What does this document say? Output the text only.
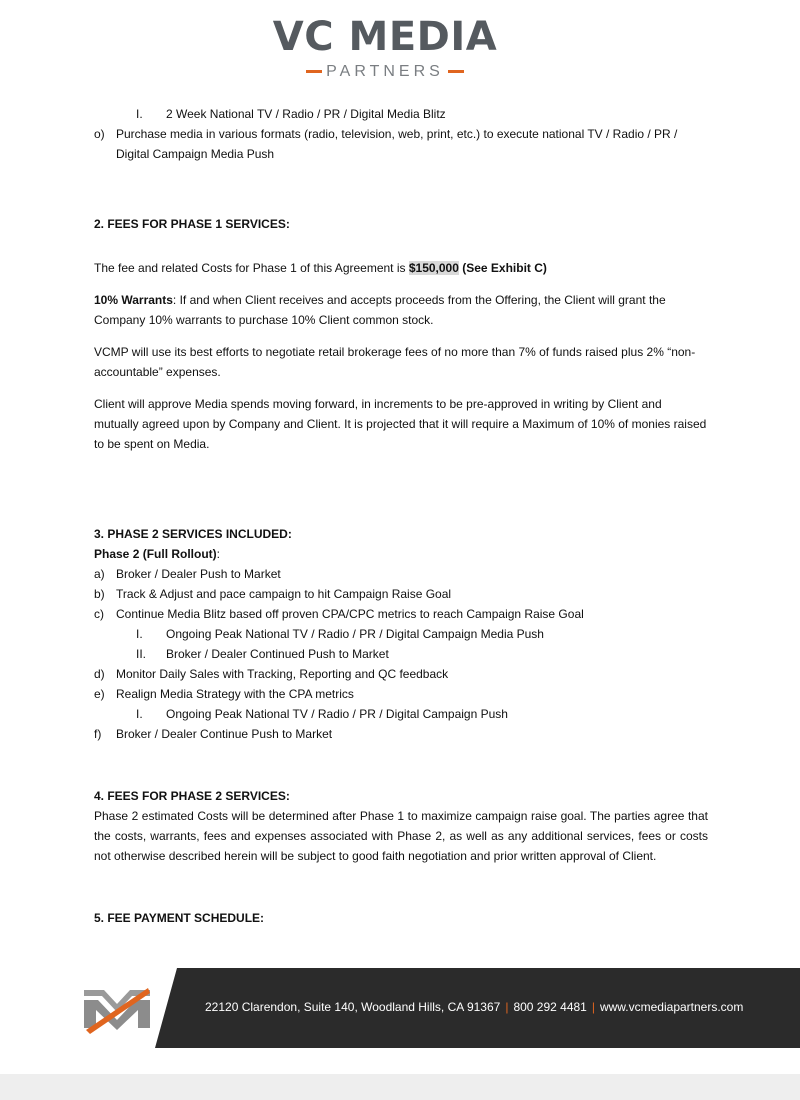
VC MEDIA
PARTNERS
I. 2 Week National TV / Radio / PR / Digital Media Blitz
o) Purchase media in various formats (radio, television, web, print, etc.) to execute national TV / Radio / PR / Digital Campaign Media Push

2. FEES FOR PHASE 1 SERVICES:

The fee and related Costs for Phase 1 of this Agreement is $150,000 (See Exhibit C)

10% Warrants: If and when Client receives and accepts proceeds from the Offering, the Client will grant the Company 10% warrants to purchase 10% Client common stock.

VCMP will use its best efforts to negotiate retail brokerage fees of no more than 7% of funds raised plus 2% “non-accountable” expenses.

Client will approve Media spends moving forward, in increments to be pre-approved in writing by Client and mutually agreed upon by Company and Client. It is projected that it will require a Maximum of 10% of monies raised to be spent on Media.

3. PHASE 2 SERVICES INCLUDED:

Phase 2 (Full Rollout):

a) Broker / Dealer Push to Market
b) Track & Adjust and pace campaign to hit Campaign Raise Goal
c) Continue Media Blitz based off proven CPA/CPC metrics to reach Campaign Raise Goal
I. Ongoing Peak National TV / Radio / PR / Digital Campaign Media Push
II. Broker / Dealer Continued Push to Market
d) Monitor Daily Sales with Tracking, Reporting and QC feedback
e) Realign Media Strategy with the CPA metrics
I. Ongoing Peak National TV / Radio / PR / Digital Campaign Push
f) Broker / Dealer Continue Push to Market

4. FEES FOR PHASE 2 SERVICES:

Phase 2 estimated Costs will be determined after Phase 1 to maximize campaign raise goal. The parties agree that the costs, warrants, fees and expenses associated with Phase 2, as well as any additional services, fees or costs not otherwise described herein will be subject to good faith negotiation and prior written approval of Client.

5. FEE PAYMENT SCHEDULE:

22120 Clarendon, Suite 140, Woodland Hills, CA 91367 | 800 292 4481 | www.vcmediapartners.com
